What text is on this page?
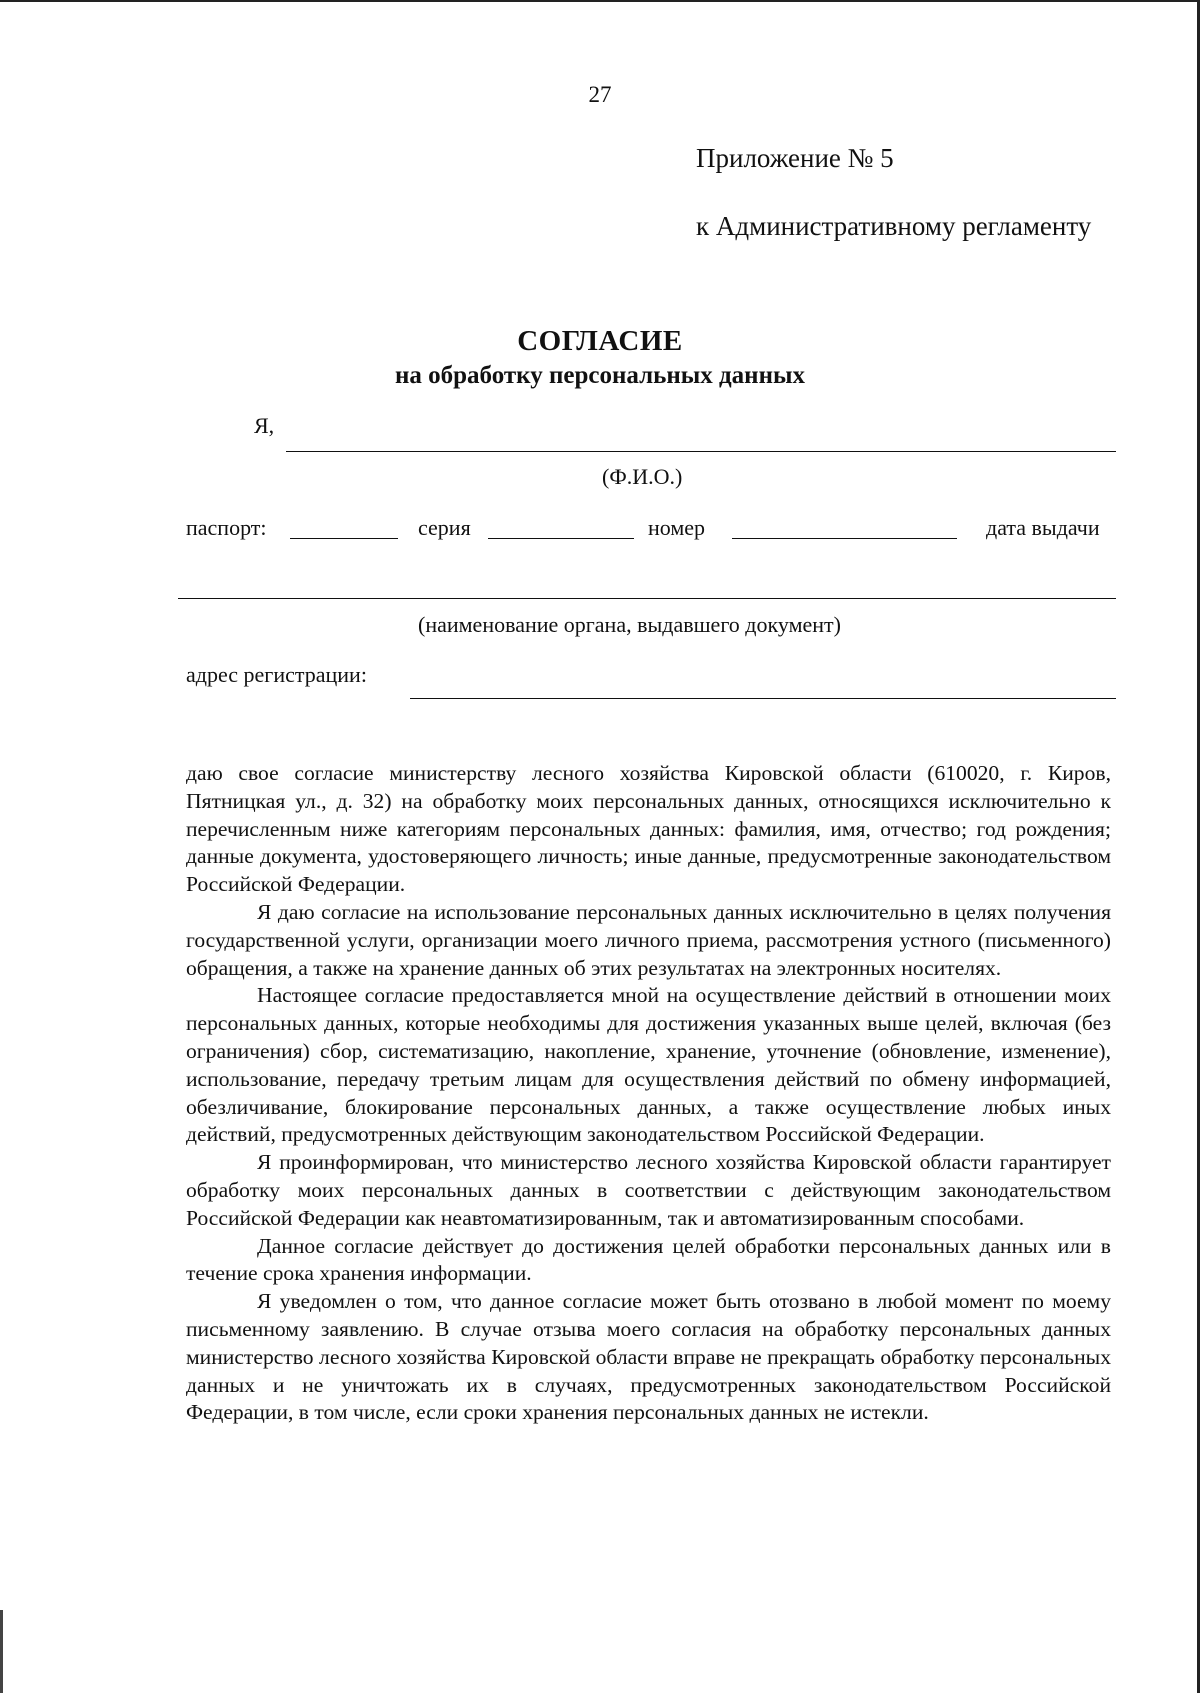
27
Приложение № 5
к Административному регламенту
СОГЛАСИЕ
на обработку персональных данных
Я,
(Ф.И.О.)
паспорт:	серия	номер	дата выдачи
(наименование органа, выдавшего документ)
адрес регистрации:

даю свое согласие министерству лесного хозяйства Кировской области (610020, г. Киров, Пятницкая ул., д. 32) на обработку моих персональных данных, относящихся исключительно к перечисленным ниже категориям персональных данных: фамилия, имя, отчество; год рождения; данные документа, удостоверяющего личность; иные данные, предусмотренные законодательством Российской Федерации.

Я даю согласие на использование персональных данных исключительно в целях получения государственной услуги, организации моего личного приема, рассмотрения устного (письменного) обращения, а также на хранение данных об этих результатах на электронных носителях.

Настоящее согласие предоставляется мной на осуществление действий в отношении моих персональных данных, которые необходимы для достижения указанных выше целей, включая (без ограничения) сбор, систематизацию, накопление, хранение, уточнение (обновление, изменение), использование, передачу третьим лицам для осуществления действий по обмену информацией, обезличивание, блокирование персональных данных, а также осуществление любых иных действий, предусмотренных действующим законодательством Российской Федерации.

Я проинформирован, что министерство лесного хозяйства Кировской области гарантирует обработку моих персональных данных в соответствии с действующим законодательством Российской Федерации как неавтоматизированным, так и автоматизированным способами.

Данное согласие действует до достижения целей обработки персональных данных или в течение срока хранения информации.

Я уведомлен о том, что данное согласие может быть отозвано в любой момент по моему письменному заявлению. В случае отзыва моего согласия на обработку персональных данных министерство лесного хозяйства Кировской области вправе не прекращать обработку персональных данных и не уничтожать их в случаях, предусмотренных законодательством Российской Федерации, в том числе, если сроки хранения персональных данных не истекли.
